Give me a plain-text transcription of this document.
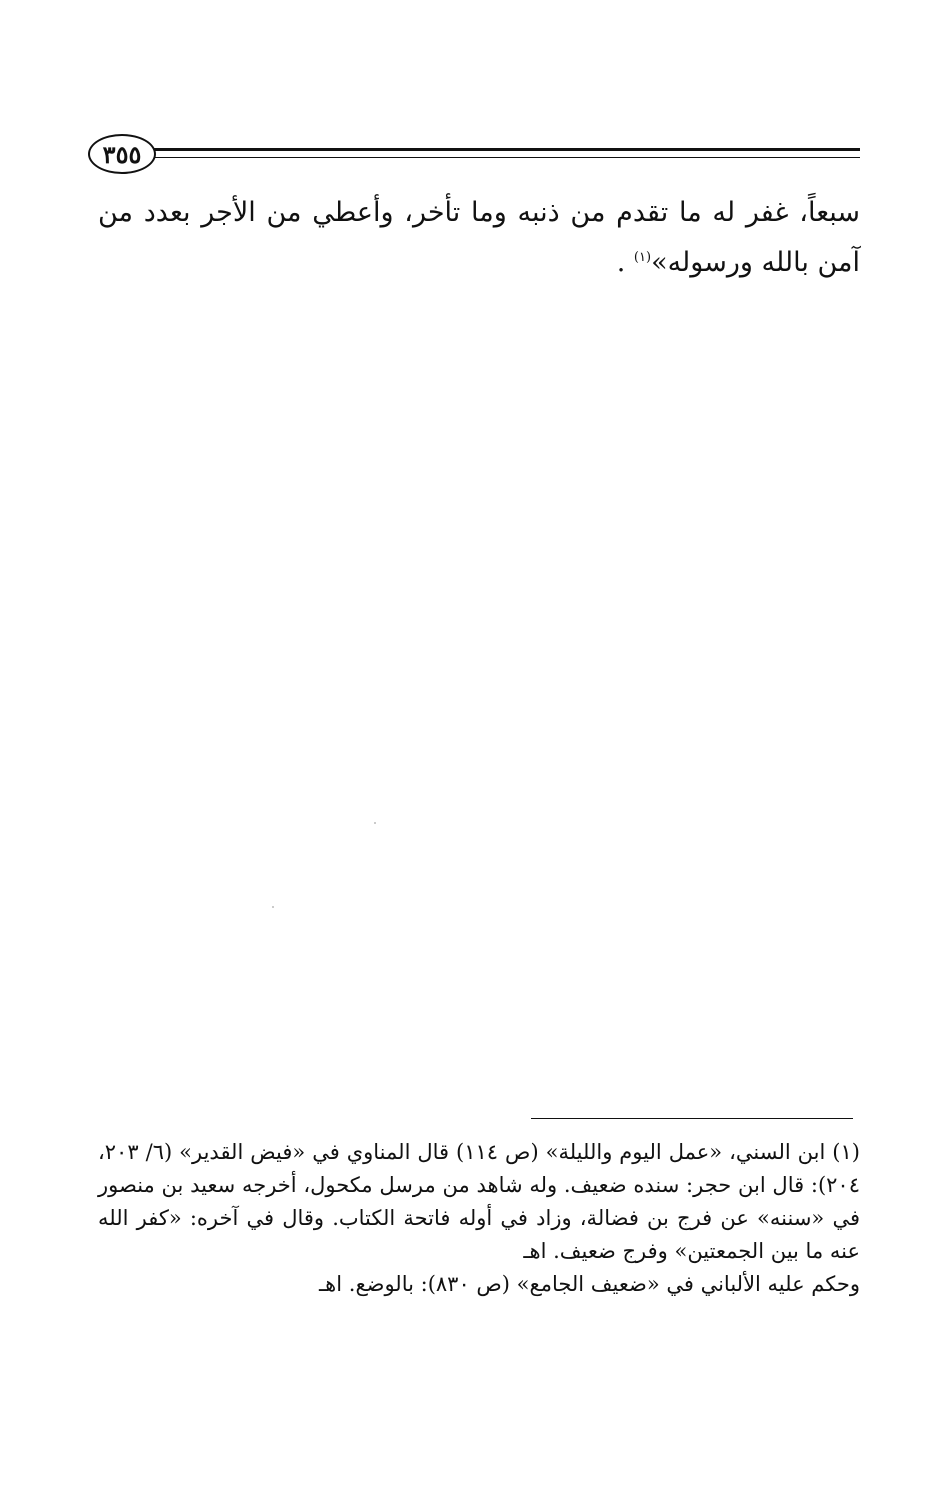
٣٥٥
سبعاً، غفر له ما تقدم من ذنبه وما تأخر، وأعطي من الأجر بعدد من آمن بالله ورسوله»$^{(١)}$ .

(١) ابن السني، «عمل اليوم والليلة» (ص ١١٤) قال المناوي في «فيض القدير» (٦/ ٢٠٣، ٢٠٤): قال ابن حجر: سنده ضعيف. وله شاهد من مرسل مكحول، أخرجه سعيد بن منصور في «سننه» عن فرج بن فضالة، وزاد في أوله فاتحة الكتاب. وقال في آخره: «كفر الله عنه ما بين الجمعتين» وفرج ضعيف. اهـ

وحكم عليه الألباني في «ضعيف الجامع» (ص ٨٣٠): بالوضع. اهـ
